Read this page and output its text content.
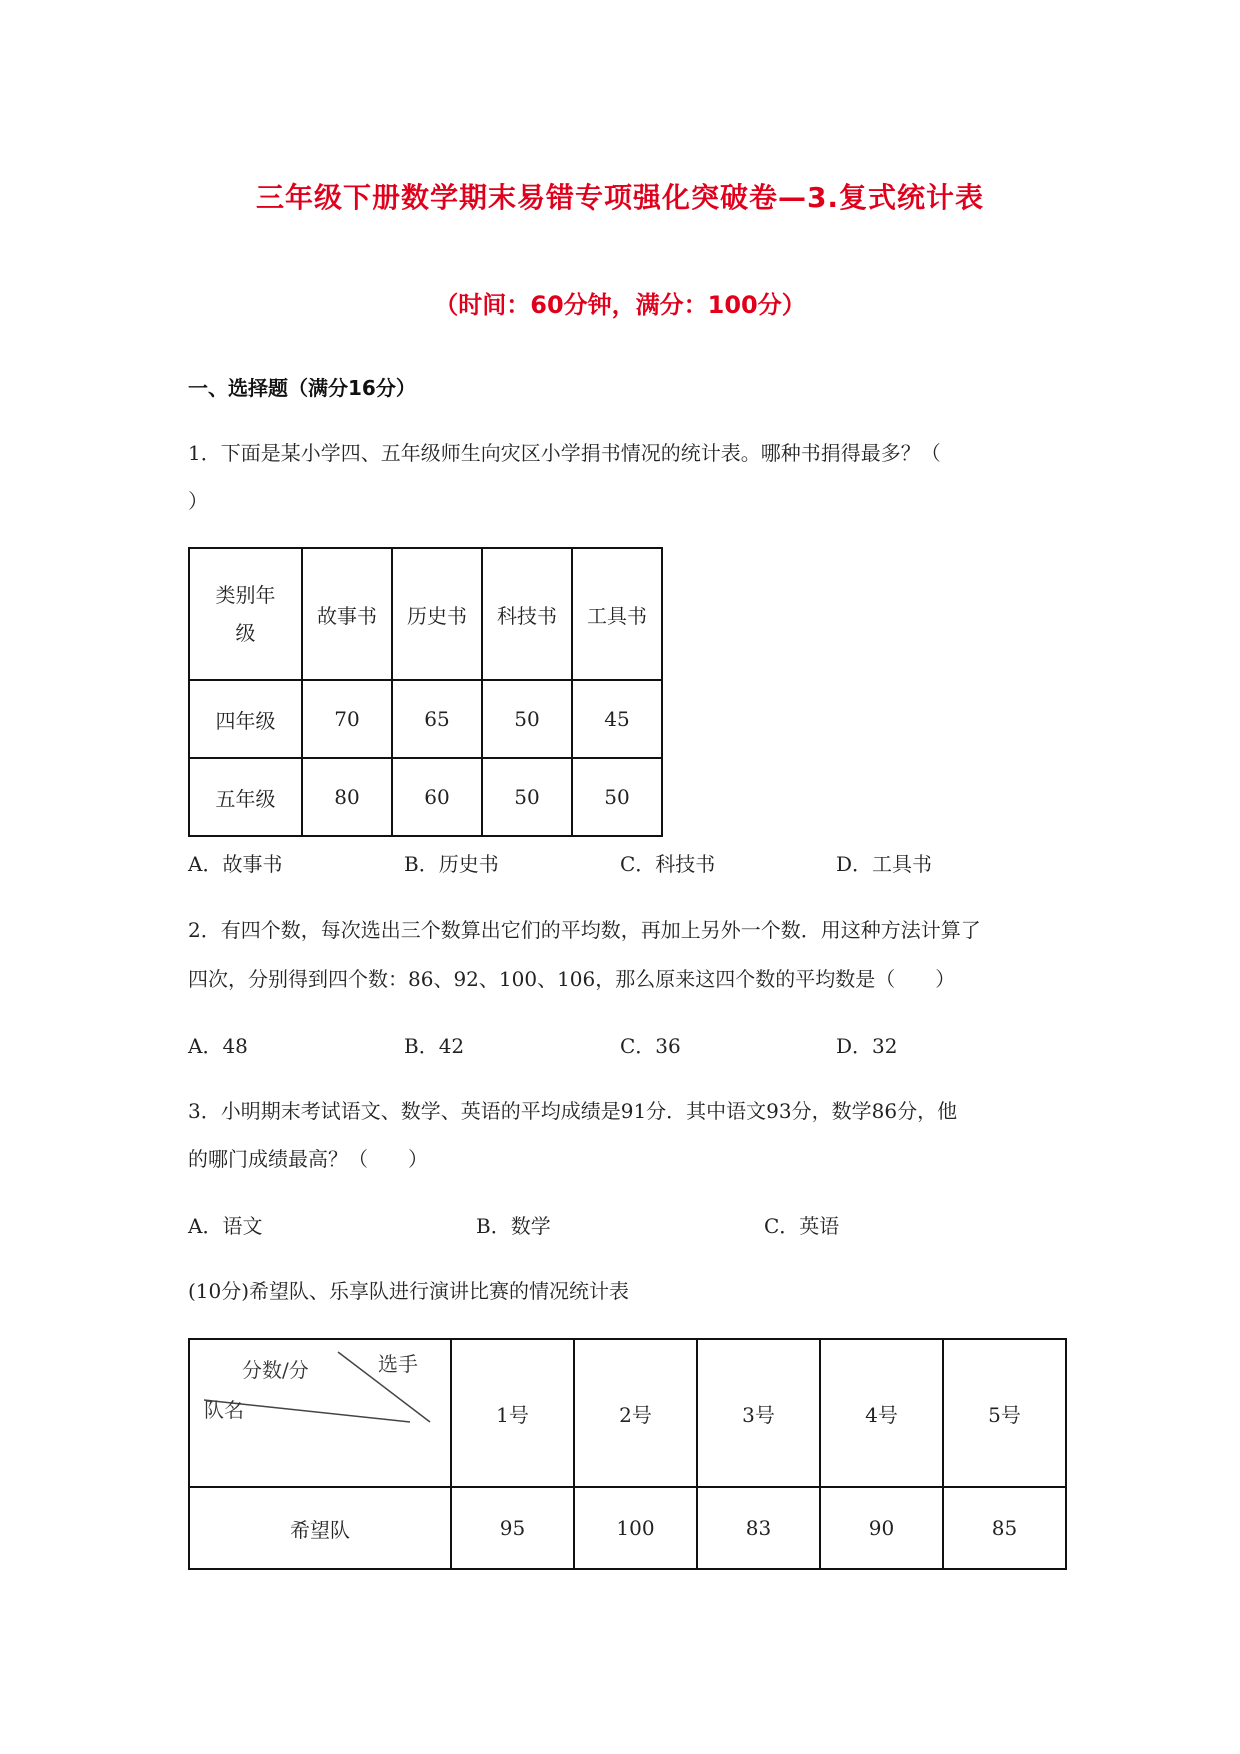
三年级下册数学期末易错专项强化突破卷—3.复式统计表
（时间：60分钟，满分：100分）
一、选择题（满分16分）
1．下面是某小学四、五年级师生向灾区小学捐书情况的统计表。哪种书捐得最多？（
）
类别年
级	故事书	历史书	科技书	工具书
四年级	70	65	50	45
五年级	80	60	50	50
A．故事书	B．历史书	C．科技书	D．工具书
2．有四个数，每次选出三个数算出它们的平均数，再加上另外一个数．用这种方法计算了
四次，分别得到四个数：86、92、100、106，那么原来这四个数的平均数是（　　）
A．48	B．42	C．36	D．32
3．小明期末考试语文、数学、英语的平均成绩是91分．其中语文93分，数学86分，他
的哪门成绩最高？（　　）
A．语文	B．数学	C．英语
(10分)希望队、乐享队进行演讲比赛的情况统计表
分数/分 选手
队名	1号	2号	3号	4号	5号
希望队	95	100	83	90	85
